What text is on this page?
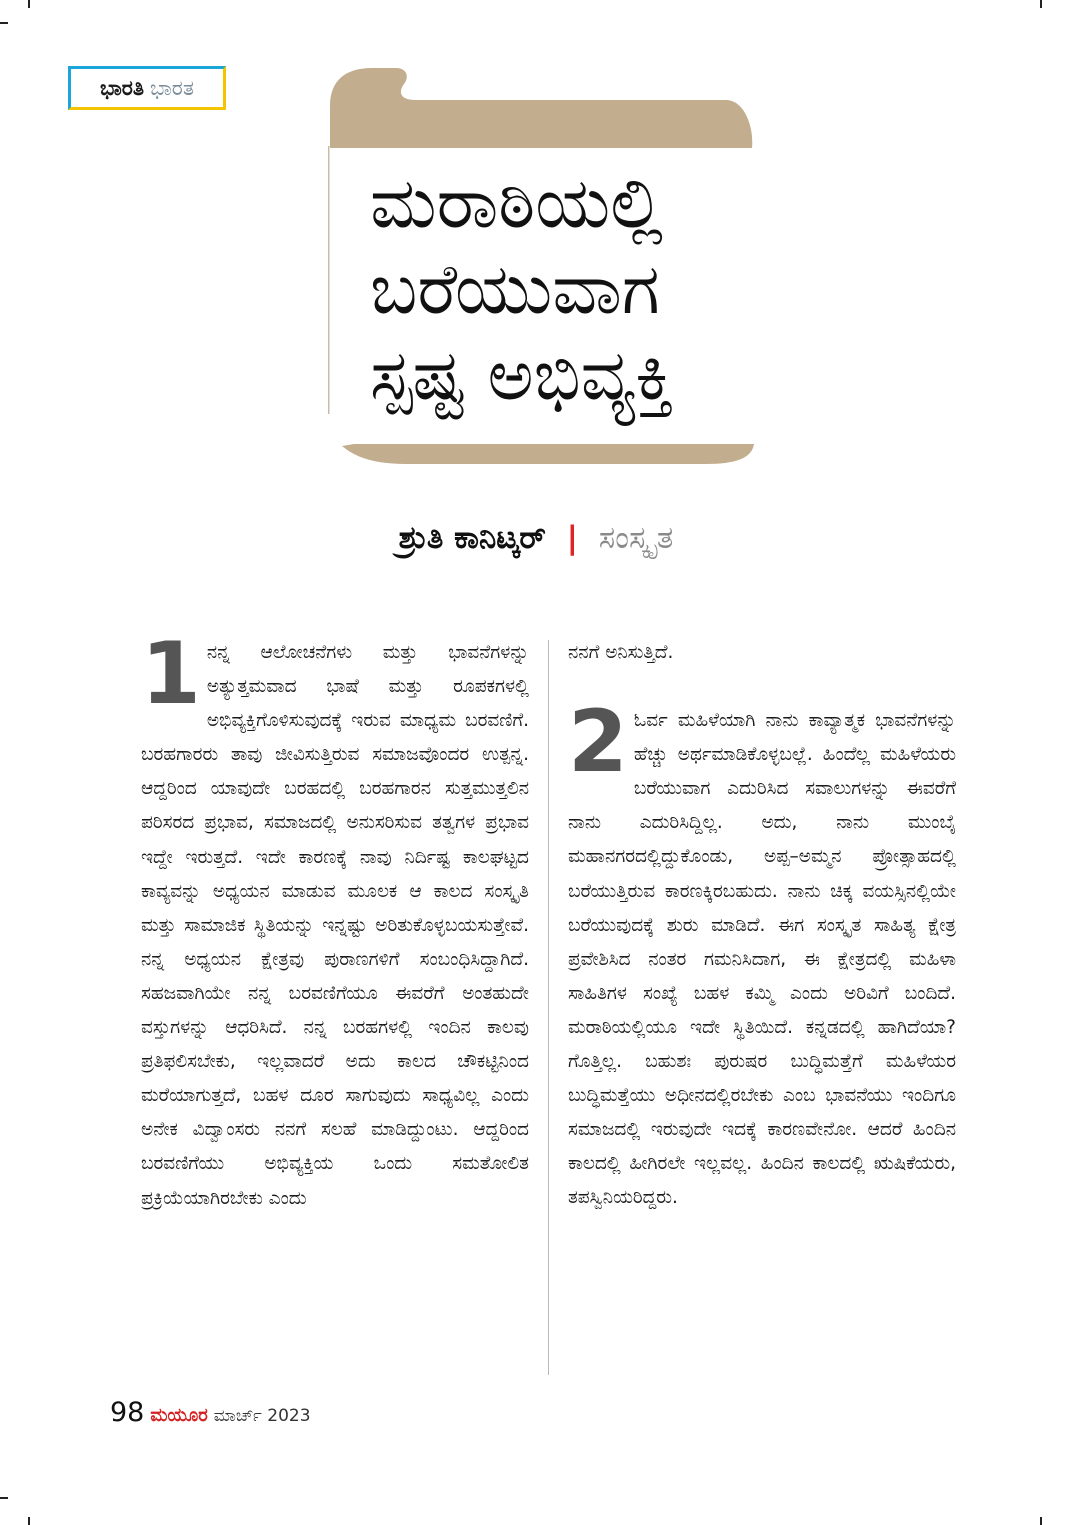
ಭಾರತಿ ಭಾರತ
ಮರಾಠಿಯಲ್ಲಿ
ಬರೆಯುವಾಗ
ಸ್ಪಷ್ಟ ಅಭಿವ್ಯಕ್ತಿ
ಶ್ರುತಿ ಕಾನಿಟ್ಕರ್ | ಸಂಸ್ಕೃತ

1 ನನ್ನ ಆಲೋಚನೆಗಳು ಮತ್ತು ಭಾವನೆಗಳನ್ನು ಅತ್ಯುತ್ತಮವಾದ ಭಾಷೆ ಮತ್ತು ರೂಪಕಗಳಲ್ಲಿ ಅಭಿವ್ಯಕ್ತಿಗೊಳಿಸುವುದಕ್ಕೆ ಇರುವ ಮಾಧ್ಯಮ ಬರವಣಿಗೆ. ಬರಹಗಾರರು ತಾವು ಜೀವಿಸುತ್ತಿರುವ ಸಮಾಜವೊಂದರ ಉತ್ಪನ್ನ. ಆದ್ದರಿಂದ ಯಾವುದೇ ಬರಹದಲ್ಲಿ ಬರಹಗಾರನ ಸುತ್ತಮುತ್ತಲಿನ ಪರಿಸರದ ಪ್ರಭಾವ, ಸಮಾಜದಲ್ಲಿ ಅನುಸರಿಸುವ ತತ್ವಗಳ ಪ್ರಭಾವ ಇದ್ದೇ ಇರುತ್ತದೆ. ಇದೇ ಕಾರಣಕ್ಕೆ ನಾವು ನಿರ್ದಿಷ್ಟ ಕಾಲಘಟ್ಟದ ಕಾವ್ಯವನ್ನು ಅಧ್ಯಯನ ಮಾಡುವ ಮೂಲಕ ಆ ಕಾಲದ ಸಂಸ್ಕೃತಿ ಮತ್ತು ಸಾಮಾಜಿಕ ಸ್ಥಿತಿಯನ್ನು ಇನ್ನಷ್ಟು ಅರಿತುಕೊಳ್ಳಬಯಸುತ್ತೇವೆ. ನನ್ನ ಅಧ್ಯಯನ ಕ್ಷೇತ್ರವು ಪುರಾಣಗಳಿಗೆ ಸಂಬಂಧಿಸಿದ್ದಾಗಿದೆ. ಸಹಜವಾಗಿಯೇ ನನ್ನ ಬರವಣಿಗೆಯೂ ಈವರೆಗೆ ಅಂತಹುದೇ ವಸ್ತುಗಳನ್ನು ಆಧರಿಸಿದೆ. ನನ್ನ ಬರಹಗಳಲ್ಲಿ ಇಂದಿನ ಕಾಲವು ಪ್ರತಿಫಲಿಸಬೇಕು, ಇಲ್ಲವಾದರೆ ಅದು ಕಾಲದ ಚೌಕಟ್ಟಿನಿಂದ ಮರೆಯಾಗುತ್ತದೆ, ಬಹಳ ದೂರ ಸಾಗುವುದು ಸಾಧ್ಯವಿಲ್ಲ ಎಂದು ಅನೇಕ ವಿದ್ವಾಂಸರು ನನಗೆ ಸಲಹೆ ಮಾಡಿದ್ದುಂಟು. ಆದ್ದರಿಂದ ಬರವಣಿಗೆಯು ಅಭಿವ್ಯಕ್ತಿಯ ಒಂದು ಸಮತೋಲಿತ ಪ್ರಕ್ರಿಯೆಯಾಗಿರಬೇಕು ಎಂದು

ನನಗೆ ಅನಿಸುತ್ತಿದೆ.

2 ಓರ್ವ ಮಹಿಳೆಯಾಗಿ ನಾನು ಕಾವ್ಯಾತ್ಮಕ ಭಾವನೆಗಳನ್ನು ಹೆಚ್ಚು ಅರ್ಥಮಾಡಿಕೊಳ್ಳಬಲ್ಲೆ. ಹಿಂದೆಲ್ಲ ಮಹಿಳೆಯರು ಬರೆಯುವಾಗ ಎದುರಿಸಿದ ಸವಾಲುಗಳನ್ನು ಈವರೆಗೆ ನಾನು ಎದುರಿಸಿದ್ದಿಲ್ಲ. ಅದು, ನಾನು ಮುಂಬೈ ಮಹಾನಗರದಲ್ಲಿದ್ದುಕೊಂಡು, ಅಪ್ಪ–ಅಮ್ಮನ ಪ್ರೋತ್ಸಾಹದಲ್ಲಿ ಬರೆಯುತ್ತಿರುವ ಕಾರಣಕ್ಕಿರಬಹುದು. ನಾನು ಚಿಕ್ಕ ವಯಸ್ಸಿನಲ್ಲಿಯೇ ಬರೆಯುವುದಕ್ಕೆ ಶುರು ಮಾಡಿದೆ. ಈಗ ಸಂಸ್ಕೃತ ಸಾಹಿತ್ಯ ಕ್ಷೇತ್ರ ಪ್ರವೇಶಿಸಿದ ನಂತರ ಗಮನಿಸಿದಾಗ, ಈ ಕ್ಷೇತ್ರದಲ್ಲಿ ಮಹಿಳಾ ಸಾಹಿತಿಗಳ ಸಂಖ್ಯೆ ಬಹಳ ಕಮ್ಮಿ ಎಂದು ಅರಿವಿಗೆ ಬಂದಿದೆ. ಮರಾಠಿಯಲ್ಲಿಯೂ ಇದೇ ಸ್ಥಿತಿಯಿದೆ. ಕನ್ನಡದಲ್ಲಿ ಹಾಗಿದೆಯಾ? ಗೊತ್ತಿಲ್ಲ. ಬಹುಶಃ ಪುರುಷರ ಬುದ್ಧಿಮತ್ತೆಗೆ ಮಹಿಳೆಯರ ಬುದ್ಧಿಮತ್ತೆಯು ಅಧೀನದಲ್ಲಿರಬೇಕು ಎಂಬ ಭಾವನೆಯು ಇಂದಿಗೂ ಸಮಾಜದಲ್ಲಿ ಇರುವುದೇ ಇದಕ್ಕೆ ಕಾರಣವೇನೋ. ಆದರೆ ಹಿಂದಿನ ಕಾಲದಲ್ಲಿ ಹೀಗಿರಲೇ ಇಲ್ಲವಲ್ಲ. ಹಿಂದಿನ ಕಾಲದಲ್ಲಿ ಋಷಿಕೆಯರು, ತಪಸ್ವಿನಿಯರಿದ್ದರು.

98 ಮಯೂರ ಮಾರ್ಚ್ 2023
